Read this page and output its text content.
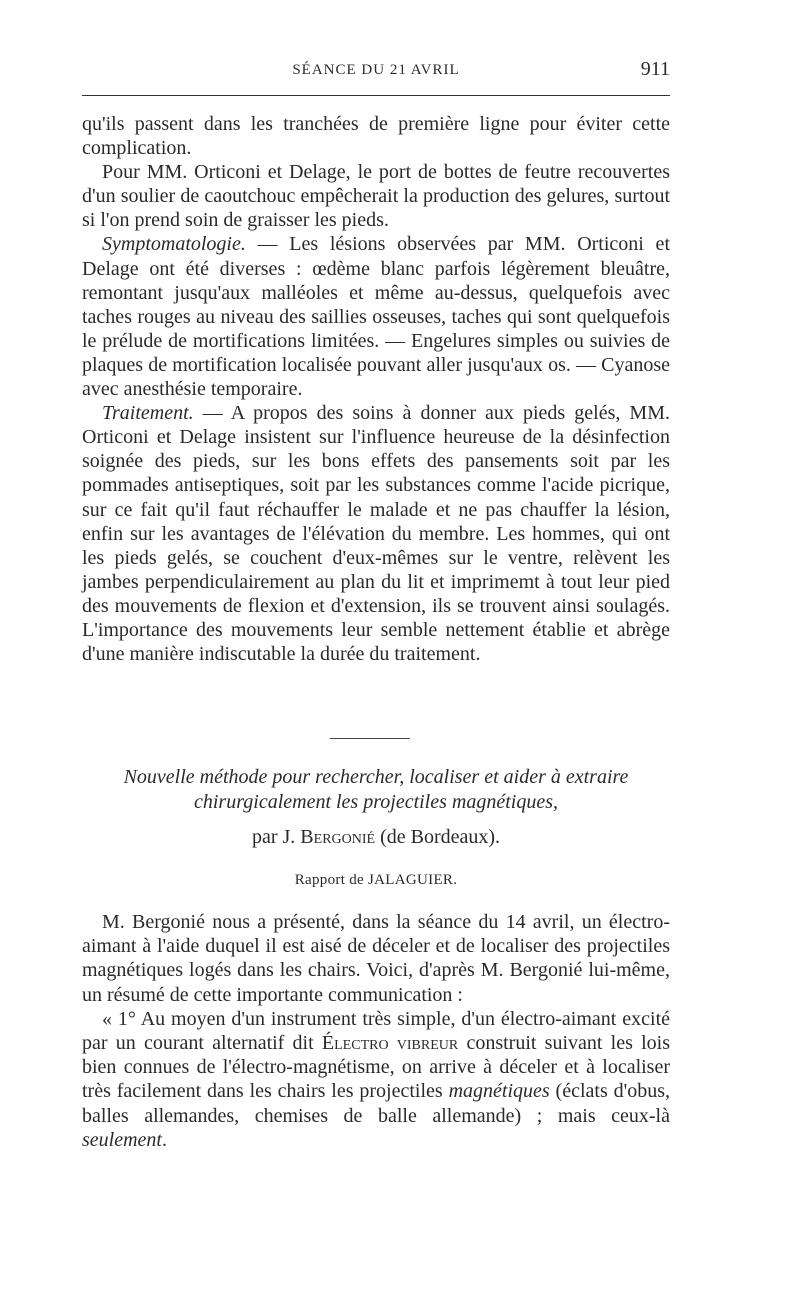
SÉANCE DU 21 AVRIL	911

qu'ils passent dans les tranchées de première ligne pour éviter cette complication.

Pour MM. Orticoni et Delage, le port de bottes de feutre recouvertes d'un soulier de caoutchouc empêcherait la production des gelures, surtout si l'on prend soin de graisser les pieds.

Symptomatologie. — Les lésions observées par MM. Orticoni et Delage ont été diverses : œdème blanc parfois légèrement bleuâtre, remontant jusqu'aux malléoles et même au-dessus, quelquefois avec taches rouges au niveau des saillies osseuses, taches qui sont quelquefois le prélude de mortifications limitées. — Engelures simples ou suivies de plaques de mortification localisée pouvant aller jusqu'aux os. — Cyanose avec anesthésie temporaire.

Traitement. — A propos des soins à donner aux pieds gelés, MM. Orticoni et Delage insistent sur l'influence heureuse de la désinfection soignée des pieds, sur les bons effets des pansements soit par les pommades antiseptiques, soit par les substances comme l'acide picrique, sur ce fait qu'il faut réchauffer le malade et ne pas chauffer la lésion, enfin sur les avantages de l'élévation du membre. Les hommes, qui ont les pieds gelés, se couchent d'eux-mêmes sur le ventre, relèvent les jambes perpendiculairement au plan du lit et imprimemt à tout leur pied des mouvements de flexion et d'extension, ils se trouvent ainsi soulagés. L'importance des mouvements leur semble nettement établie et abrège d'une manière indiscutable la durée du traitement.

Nouvelle méthode pour rechercher, localiser et aider à extraire
chirurgicalement les projectiles magnétiques,
par J. Bergonié (de Bordeaux).
Rapport de JALAGUIER.

M. Bergonié nous a présenté, dans la séance du 14 avril, un électro-aimant à l'aide duquel il est aisé de déceler et de localiser des projectiles magnétiques logés dans les chairs. Voici, d'après M. Bergonié lui-même, un résumé de cette importante communication :

« 1° Au moyen d'un instrument très simple, d'un électro-aimant excité par un courant alternatif dit Électro vibreur construit suivant les lois bien connues de l'électro-magnétisme, on arrive à déceler et à localiser très facilement dans les chairs les projectiles magnétiques (éclats d'obus, balles allemandes, chemises de balle allemande) ; mais ceux-là seulement.
